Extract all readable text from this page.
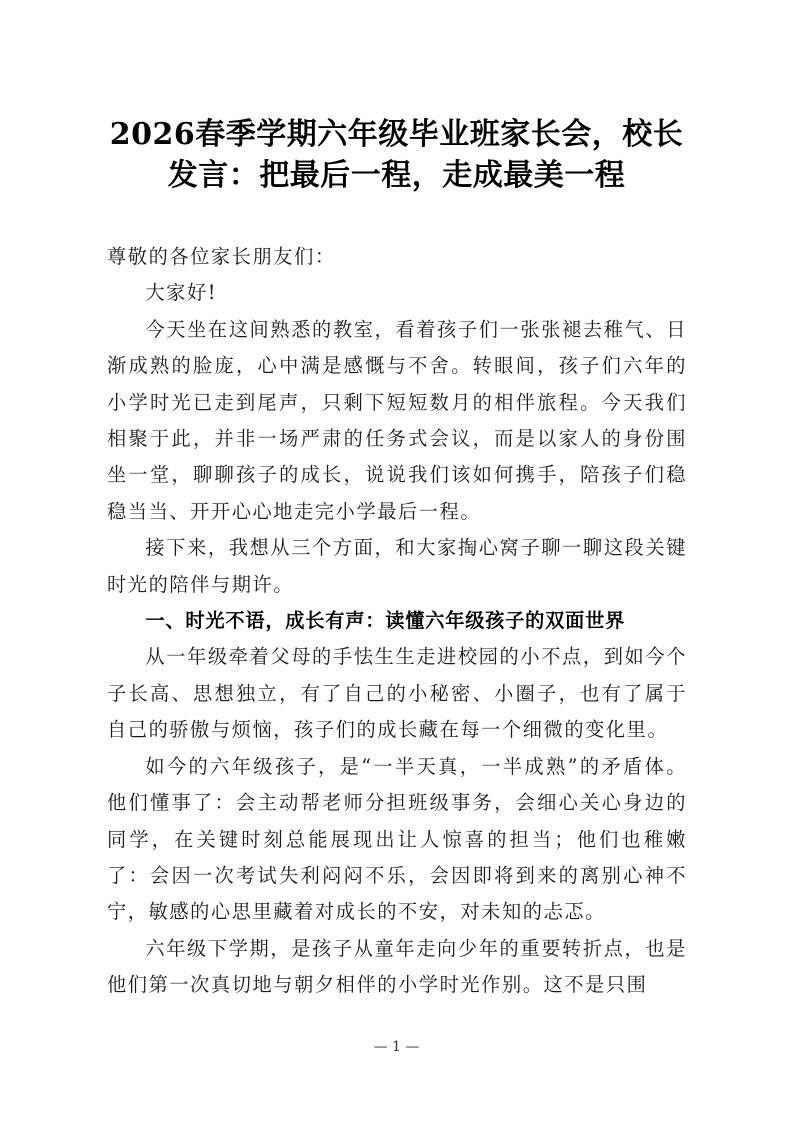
2026春季学期六年级毕业班家长会，校长
发言：把最后一程，走成最美一程

尊敬的各位家长朋友们：

大家好!

今天坐在这间熟悉的教室，看着孩子们一张张褪去稚气、日渐成熟的脸庞，心中满是感慨与不舍。转眼间，孩子们六年的小学时光已走到尾声，只剩下短短数月的相伴旅程。今天我们相聚于此，并非一场严肃的任务式会议，而是以家人的身份围坐一堂，聊聊孩子的成长，说说我们该如何携手，陪孩子们稳稳当当、开开心心地走完小学最后一程。

接下来，我想从三个方面，和大家掏心窝子聊一聊这段关键时光的陪伴与期许。

一、时光不语，成长有声：读懂六年级孩子的双面世界

从一年级牵着父母的手怯生生走进校园的小不点，到如今个子长高、思想独立，有了自己的小秘密、小圈子，也有了属于自己的骄傲与烦恼，孩子们的成长藏在每一个细微的变化里。

如今的六年级孩子，是“一半天真，一半成熟”的矛盾体。他们懂事了：会主动帮老师分担班级事务，会细心关心身边的同学，在关键时刻总能展现出让人惊喜的担当；他们也稚嫩了：会因一次考试失利闷闷不乐，会因即将到来的离别心神不宁，敏感的心思里藏着对成长的不安，对未知的忐忑。

六年级下学期，是孩子从童年走向少年的重要转折点，也是他们第一次真切地与朝夕相伴的小学时光作别。这不是只围

— 1 —
